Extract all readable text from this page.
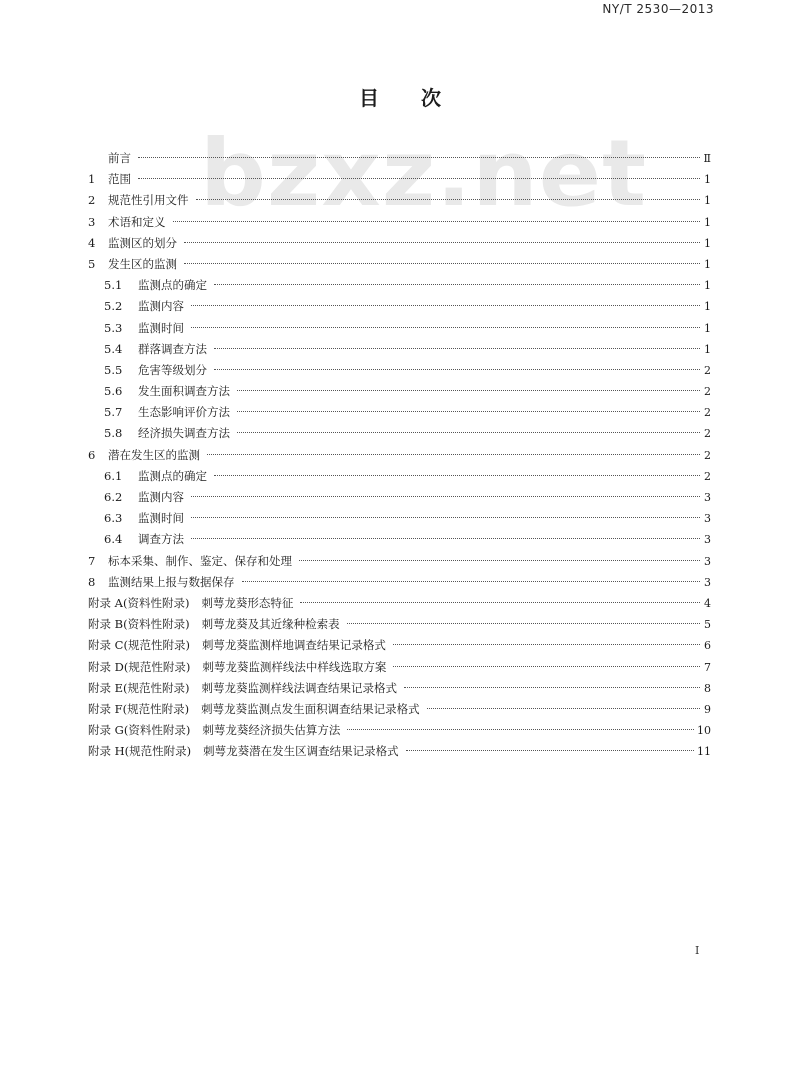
NY/T 2530—2013
bzxz.net
目次
前言	Ⅱ
1	范围	1
2	规范性引用文件	1
3	术语和定义	1
4	监测区的划分	1
5	发生区的监测	1
5.1	监测点的确定	1
5.2	监测内容	1
5.3	监测时间	1
5.4	群落调查方法	1
5.5	危害等级划分	2
5.6	发生面积调查方法	2
5.7	生态影响评价方法	2
5.8	经济损失调查方法	2
6	潜在发生区的监测	2
6.1	监测点的确定	2
6.2	监测内容	3
6.3	监测时间	3
6.4	调查方法	3
7	标本采集、制作、鉴定、保存和处理	3
8	监测结果上报与数据保存	3
附录 A(资料性附录)	刺萼龙葵形态特征	4
附录 B(资料性附录)	刺萼龙葵及其近缘种检索表	5
附录 C(规范性附录)	刺萼龙葵监测样地调查结果记录格式	6
附录 D(规范性附录)	刺萼龙葵监测样线法中样线选取方案	7
附录 E(规范性附录)	刺萼龙葵监测样线法调查结果记录格式	8
附录 F(规范性附录)	刺萼龙葵监测点发生面积调查结果记录格式	9
附录 G(资料性附录)	刺萼龙葵经济损失估算方法	10
附录 H(规范性附录)	刺萼龙葵潜在发生区调查结果记录格式	11
Ⅰ
